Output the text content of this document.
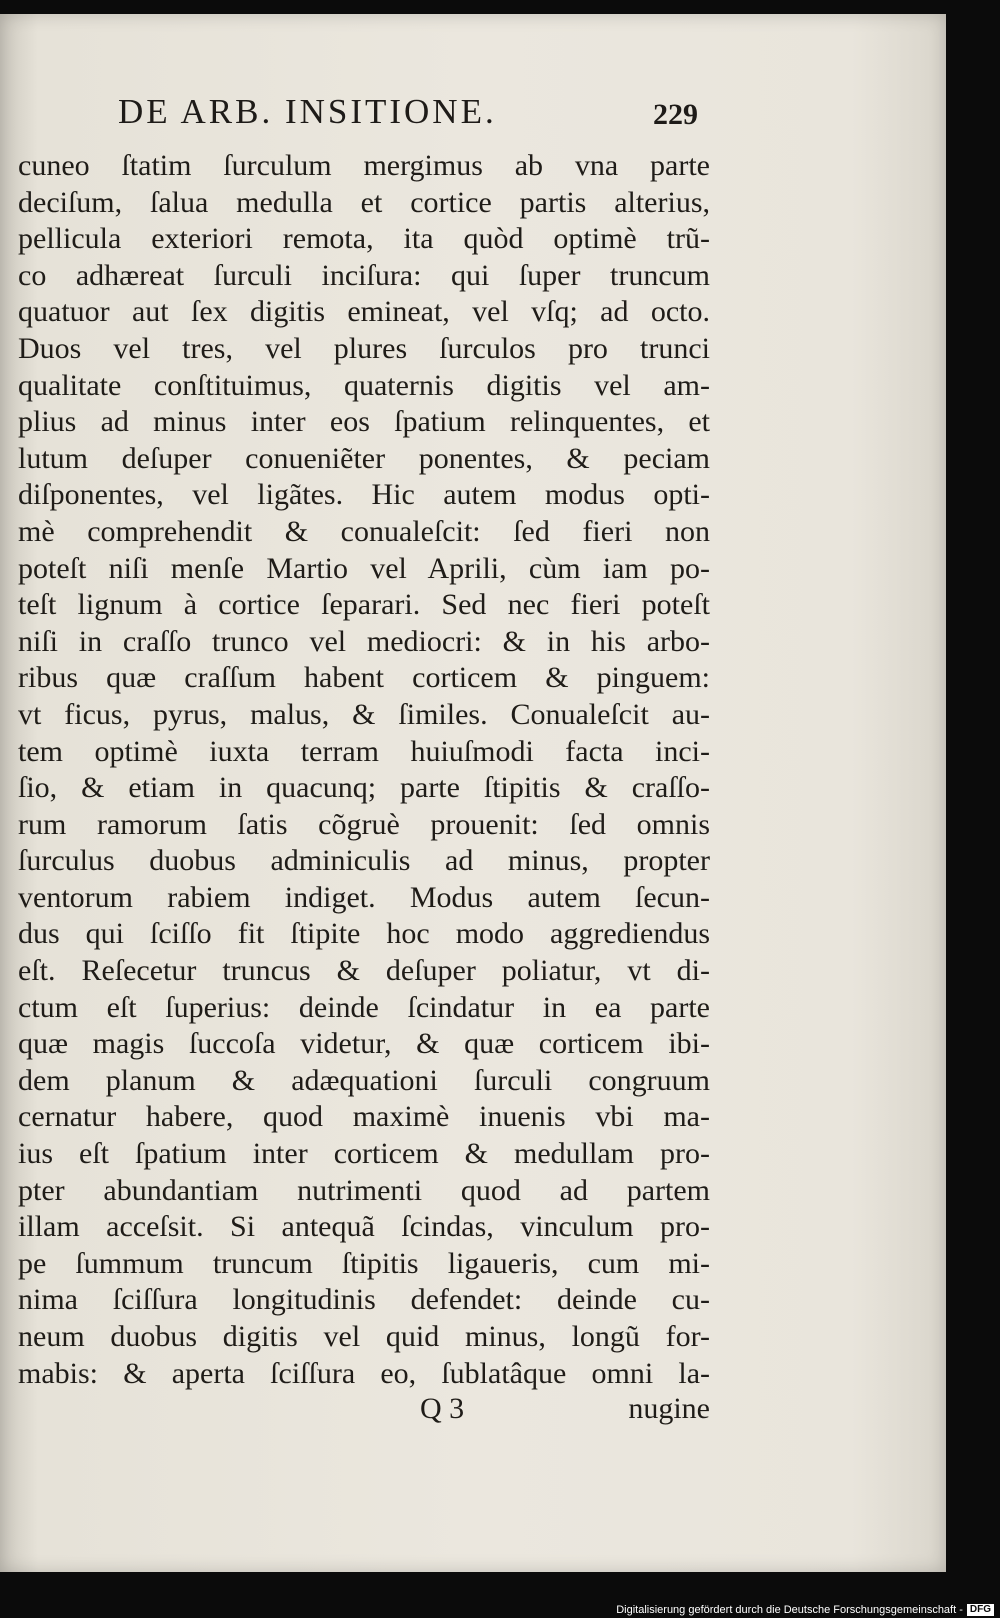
DE ARB. INSITIONE.	229
cuneo ſtatim ſurculum mergimus ab vna parte
deciſum, ſalua medulla et cortice partis alterius,
pellicula exteriori remota, ita quòd optimè trũ-
co adhæreat ſurculi inciſura: qui ſuper truncum
quatuor aut ſex digitis emineat, vel vſq; ad octo.
Duos vel tres, vel plures ſurculos pro trunci
qualitate conſtituimus, quaternis digitis vel am-
plius ad minus inter eos ſpatium relinquentes, et
lutum deſuper conueniẽter ponentes, & peciam
diſponentes, vel ligãtes. Hic autem modus opti-
mè comprehendit & conualeſcit: ſed fieri non
poteſt niſi menſe Martio vel Aprili, cùm iam po-
teſt lignum à cortice ſeparari. Sed nec fieri poteſt
niſi in craſſo trunco vel mediocri: & in his arbo-
ribus quæ craſſum habent corticem & pinguem:
vt ficus, pyrus, malus, & ſimiles. Conualeſcit au-
tem optimè iuxta terram huiuſmodi facta inci-
ſio, & etiam in quacunq; parte ſtipitis & craſſo-
rum ramorum ſatis cõgruè prouenit: ſed omnis
ſurculus duobus adminiculis ad minus, propter
ventorum rabiem indiget. Modus autem ſecun-
dus qui ſciſſo fit ſtipite hoc modo aggrediendus
eſt. Reſecetur truncus & deſuper poliatur, vt di-
ctum eſt ſuperius: deinde ſcindatur in ea parte
quæ magis ſuccoſa videtur, & quæ corticem ibi-
dem planum & adæquationi ſurculi congruum
cernatur habere, quod maximè inuenis vbi ma-
ius eſt ſpatium inter corticem & medullam pro-
pter abundantiam nutrimenti quod ad partem
illam acceſsit. Si antequã ſcindas, vinculum pro-
pe ſummum truncum ſtipitis ligaueris, cum mi-
nima ſciſſura longitudinis defendet: deinde cu-
neum duobus digitis vel quid minus, longũ for-
mabis: & aperta ſciſſura eo, ſublatâque omni la-
Q 3	nugine
Digitalisierung gefördert durch die Deutsche Forschungsgemeinschaft - DFG
